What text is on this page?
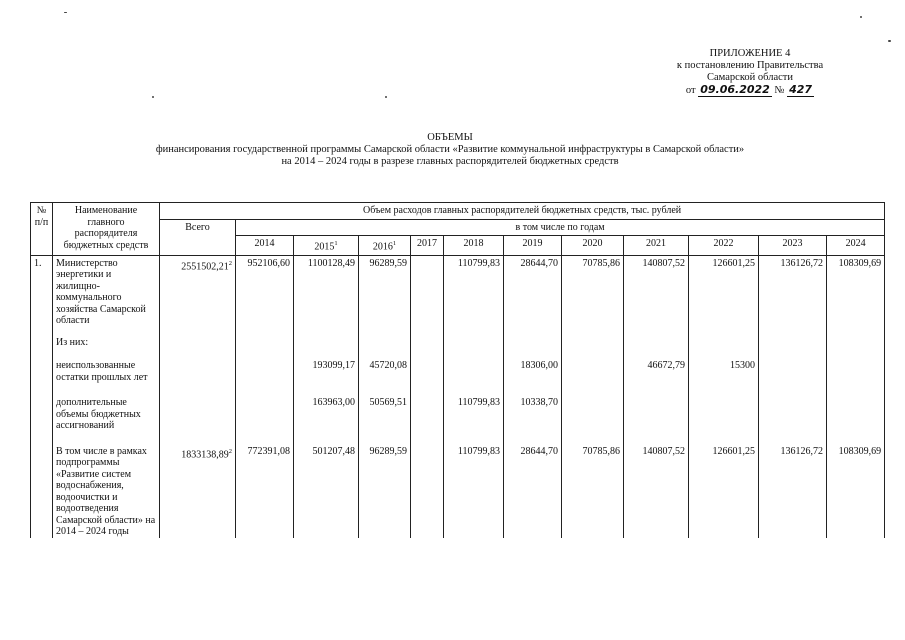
ПРИЛОЖЕНИЕ 4
к постановлению Правительства
Самарской области
от 09.06.2022 № 427
ОБЪЕМЫ
финансирования государственной программы Самарской области «Развитие коммунальной инфраструктуры в Самарской области»
на 2014 – 2024 годы в разрезе главных распорядителей бюджетных средств
№ п/п	Наименование главного распорядителя бюджетных средств	Объем расходов главных распорядителей бюджетных средств, тыс. рублей											
		Всего	в том числе по годам										
			2014	2015$^1$	2016$^1$	2017	2018	2019	2020	2021	2022	2023	2024
1.	Министерство энергетики и жилищно-коммунального хозяйства Самарской области	2551502,21$^2$	952106,60	1100128,49	96289,59		110799,83	28644,70	70785,86	140807,52	126601,25	136126,72	108309,69
	Из них:												
	неиспользованные остатки прошлых лет			193099,17	45720,08			18306,00		46672,79	15300		
	дополнительные объемы бюджетных ассигнований			163963,00	50569,51		110799,83	10338,70					
	В том числе в рамках подпрограммы «Развитие систем водоснабжения, водоочистки и водоотведения Самарской области» на 2014 – 2024 годы	1833138,89$^2$	772391,08	501207,48	96289,59		110799,83	28644,70	70785,86	140807,52	126601,25	136126,72	108309,69
